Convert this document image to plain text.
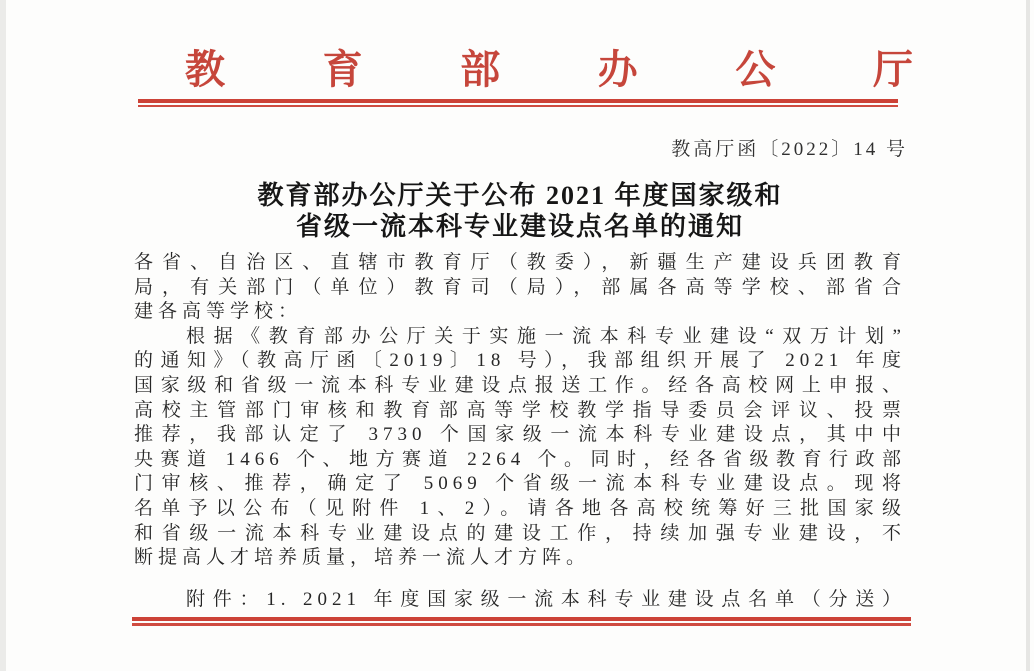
教 育 部 办 公 厅
教高厅函〔2022〕14 号
教育部办公厅关于公布 2021 年度国家级和
省级一流本科专业建设点名单的通知
各省、自治区、直辖市教育厅（教委），新疆生产建设兵团教育
局，有关部门（单位）教育司（局），部属各高等学校、部省合
建各高等学校：
根据《教育部办公厅关于实施一流本科专业建设“双万计划”
的通知》（教高厅函〔2019〕18 号），我部组织开展了 2021 年度
国家级和省级一流本科专业建设点报送工作。经各高校网上申报、
高校主管部门审核和教育部高等学校教学指导委员会评议、投票
推荐，我部认定了 3730 个国家级一流本科专业建设点，其中中
央赛道 1466 个、地方赛道 2264 个。同时，经各省级教育行政部
门审核、推荐，确定了 5069 个省级一流本科专业建设点。现将
名单予以公布（见附件 1、2）。请各地各高校统筹好三批国家级
和省级一流本科专业建设点的建设工作，持续加强专业建设，不
断提高人才培养质量，培养一流人才方阵。
附件：1. 2021 年度国家级一流本科专业建设点名单（分送）
